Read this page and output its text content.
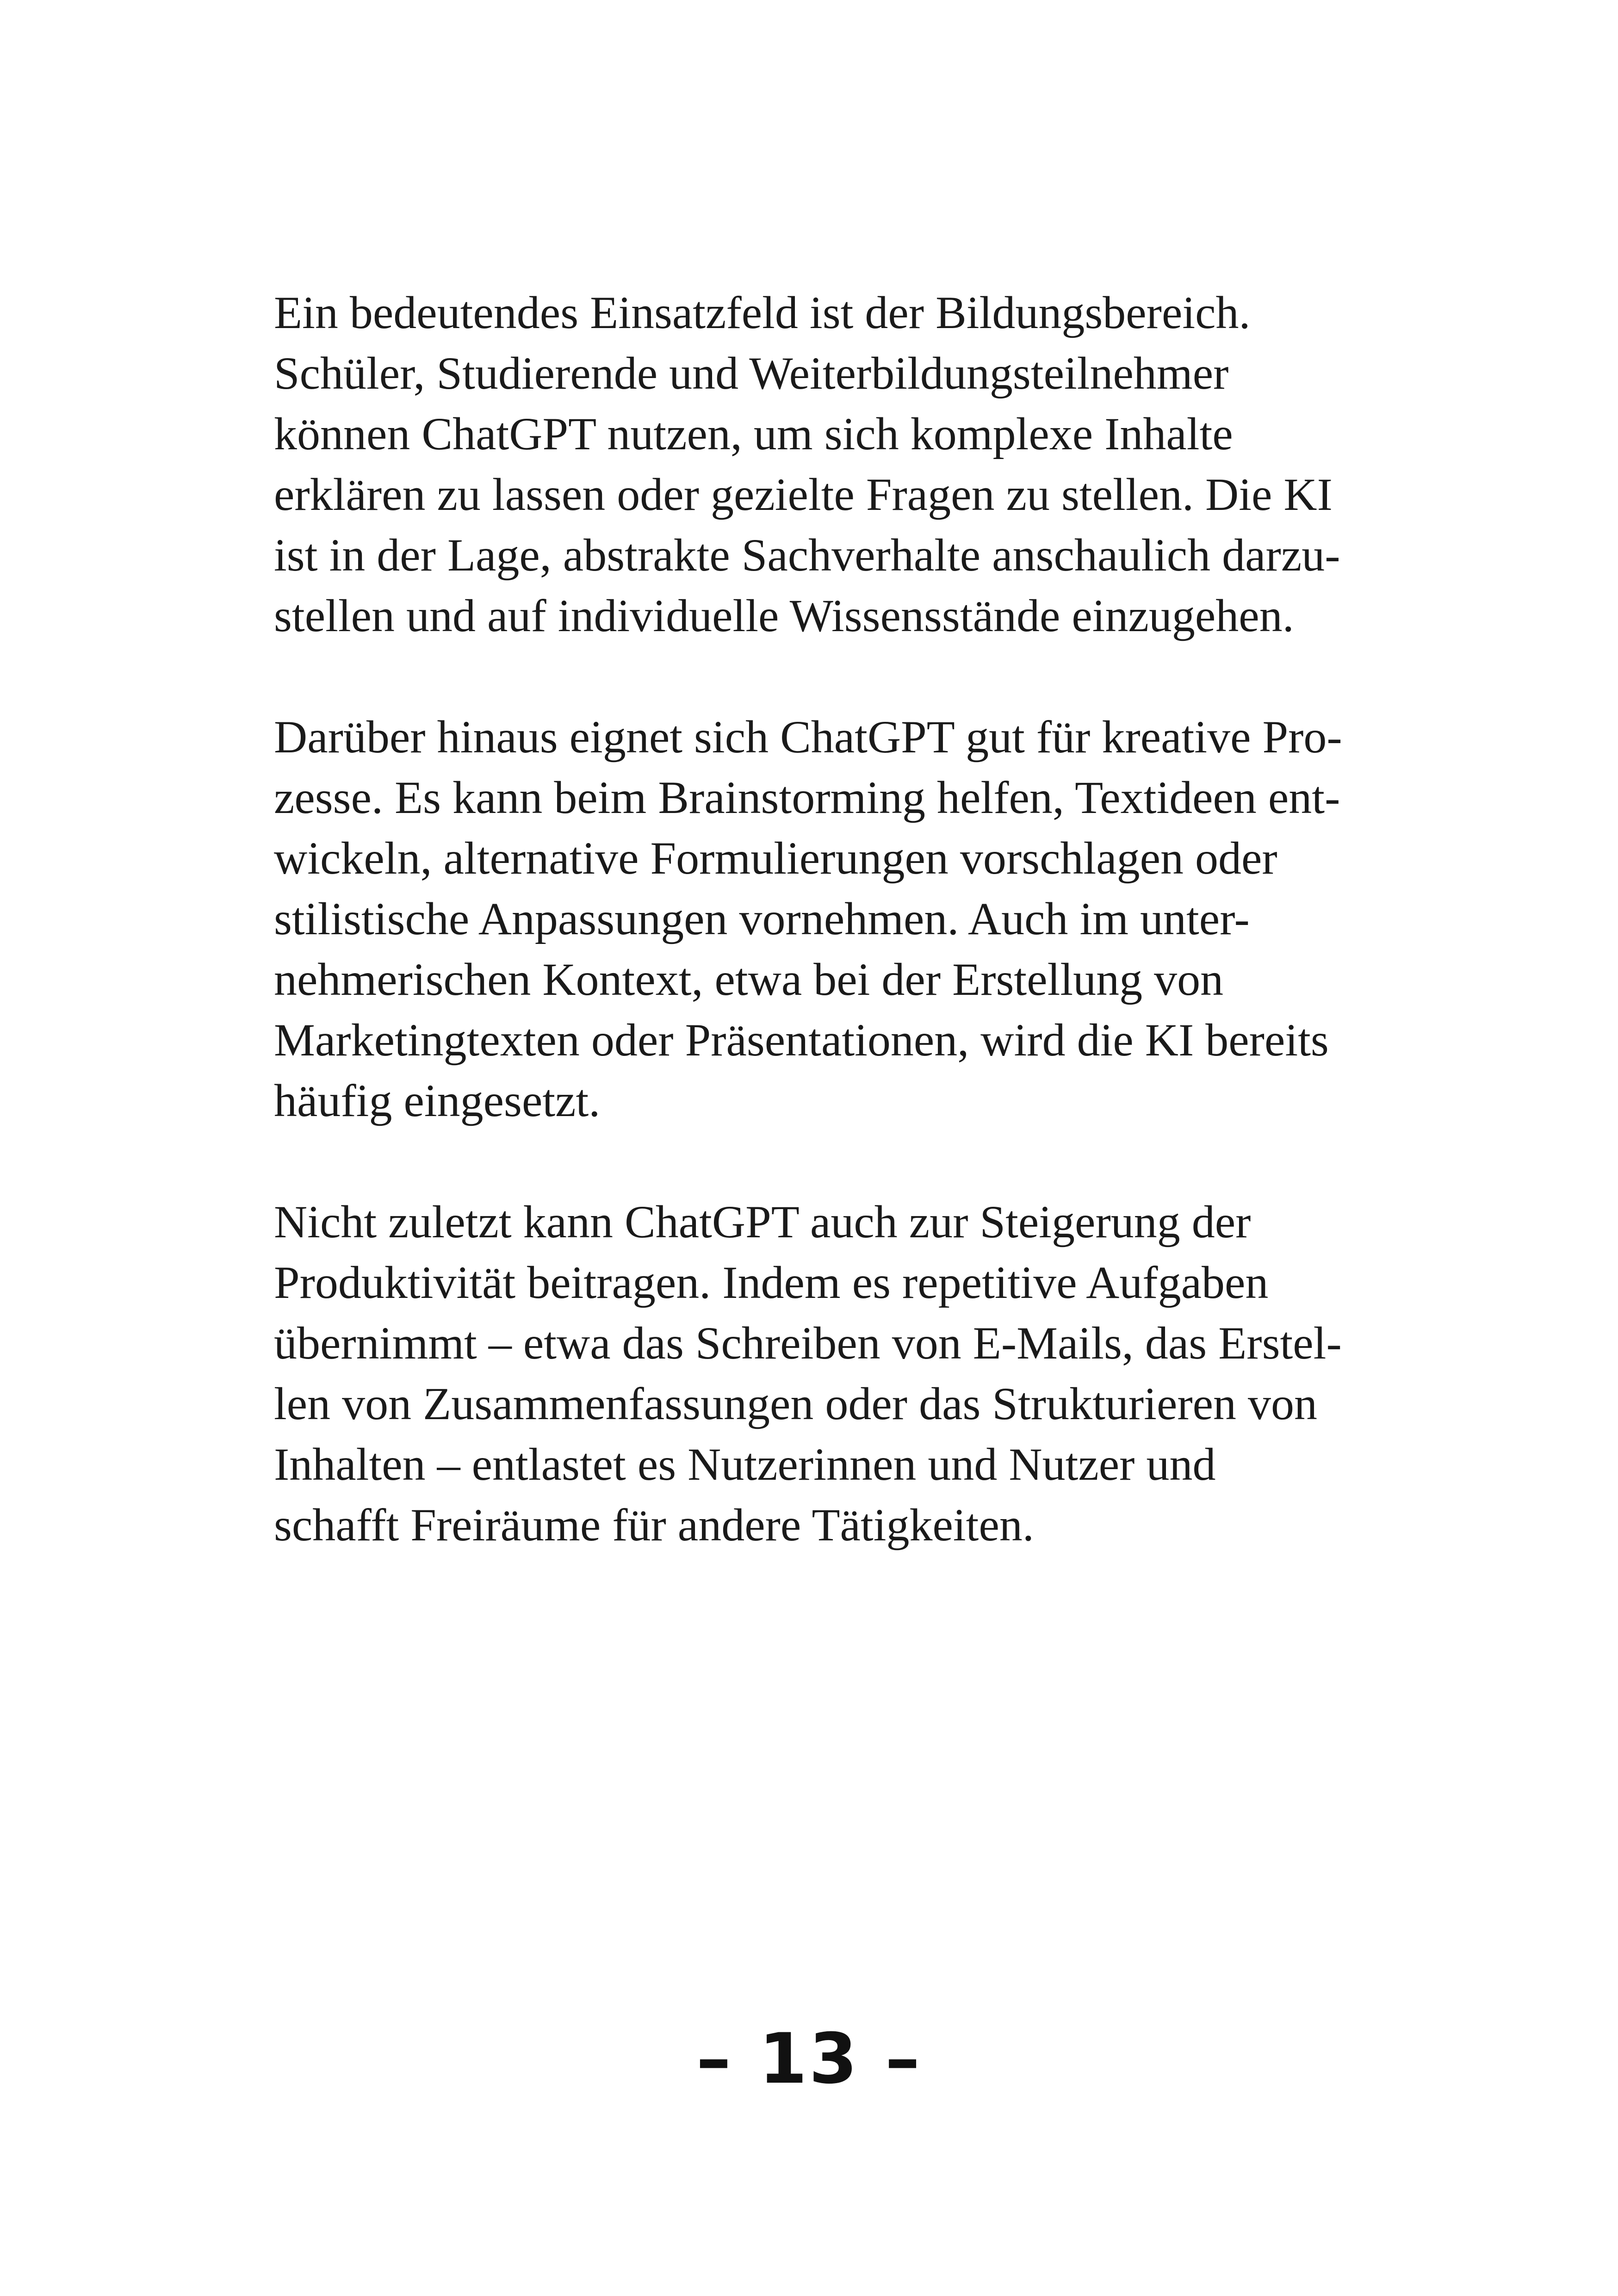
Ein bedeutendes Einsatzfeld ist der Bildungsbereich.
Schüler, Studierende und Weiterbildungsteilnehmer
können ChatGPT nutzen, um sich komplexe Inhalte
erklären zu lassen oder gezielte Fragen zu stellen. Die KI
ist in der Lage, abstrakte Sachverhalte anschaulich darzu-
stellen und auf individuelle Wissensstände einzugehen.

Darüber hinaus eignet sich ChatGPT gut für kreative Pro-
zesse. Es kann beim Brainstorming helfen, Textideen ent-
wickeln, alternative Formulierungen vorschlagen oder
stilistische Anpassungen vornehmen. Auch im unter-
nehmerischen Kontext, etwa bei der Erstellung von
Marketingtexten oder Präsentationen, wird die KI bereits
häufig eingesetzt.

Nicht zuletzt kann ChatGPT auch zur Steigerung der
Produktivität beitragen. Indem es repetitive Aufgaben
übernimmt – etwa das Schreiben von E-Mails, das Erstel-
len von Zusammenfassungen oder das Strukturieren von
Inhalten – entlastet es Nutzerinnen und Nutzer und
schafft Freiräume für andere Tätigkeiten.

– 13 –
